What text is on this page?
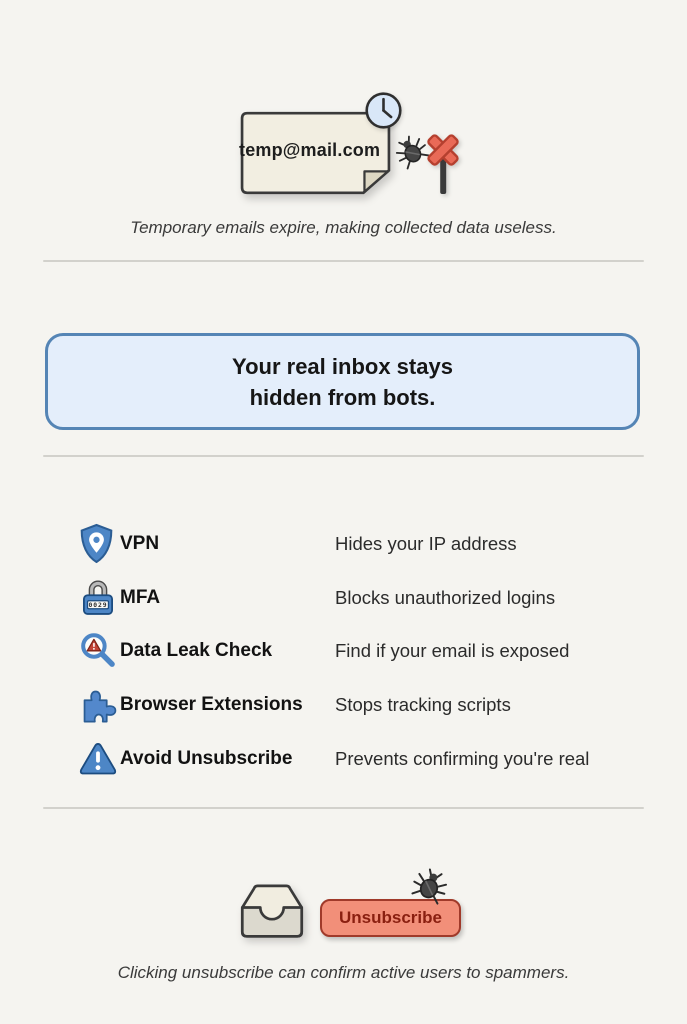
temp@mail.com
Temporary emails expire, making collected data useless.
Your real inbox stays
hidden from bots.
VPN	Hides your IP address
0029 MFA	Blocks unauthorized logins
Data Leak Check	Find if your email is exposed
Browser Extensions	Stops tracking scripts
Avoid Unsubscribe	Prevents confirming you're real
Unsubscribe
Clicking unsubscribe can confirm active users to spammers.
